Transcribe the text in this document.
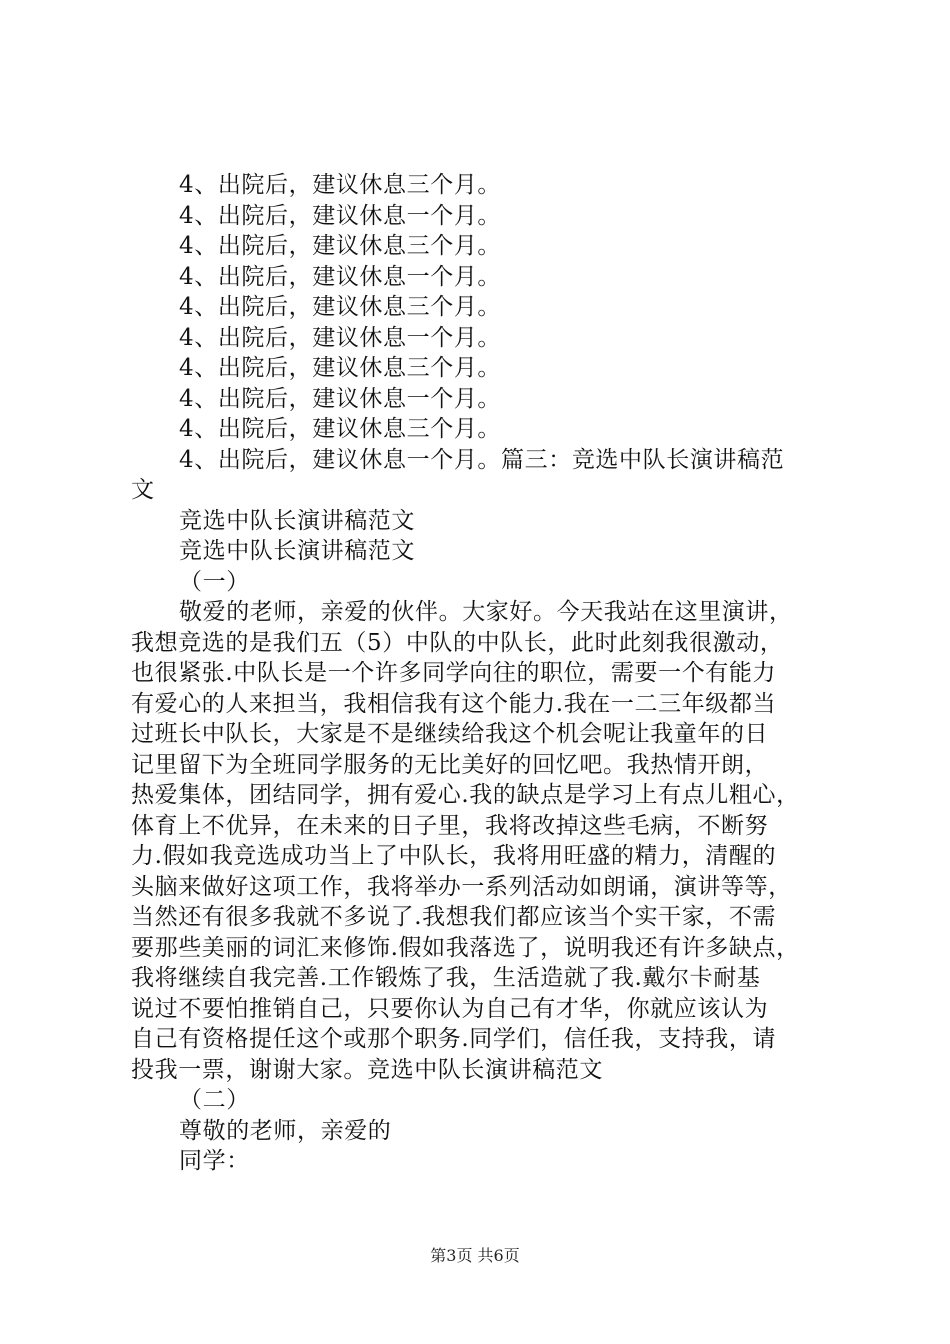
4、出院后，建议休息三个月。
4、出院后，建议休息一个月。
4、出院后，建议休息三个月。
4、出院后，建议休息一个月。
4、出院后，建议休息三个月。
4、出院后，建议休息一个月。
4、出院后，建议休息三个月。
4、出院后，建议休息一个月。
4、出院后，建议休息三个月。
4、出院后，建议休息一个月。篇三：竞选中队长演讲稿范
文
竞选中队长演讲稿范文
竞选中队长演讲稿范文
（一）
敬爱的老师，亲爱的伙伴。大家好。今天我站在这里演讲，
我想竞选的是我们五（5）中队的中队长，此时此刻我很激动，
也很紧张.中队长是一个许多同学向往的职位，需要一个有能力
有爱心的人来担当，我相信我有这个能力.我在一二三年级都当
过班长中队长，大家是不是继续给我这个机会呢让我童年的日
记里留下为全班同学服务的无比美好的回忆吧。我热情开朗，
热爱集体，团结同学，拥有爱心.我的缺点是学习上有点儿粗心，
体育上不优异，在未来的日子里，我将改掉这些毛病，不断努
力.假如我竞选成功当上了中队长，我将用旺盛的精力，清醒的
头脑来做好这项工作，我将举办一系列活动如朗诵，演讲等等，
当然还有很多我就不多说了.我想我们都应该当个实干家，不需
要那些美丽的词汇来修饰.假如我落选了，说明我还有许多缺点，
我将继续自我完善.工作锻炼了我，生活造就了我.戴尔卡耐基
说过不要怕推销自己，只要你认为自己有才华，你就应该认为
自己有资格提任这个或那个职务.同学们，信任我，支持我，请
投我一票，谢谢大家。竞选中队长演讲稿范文
（二）
尊敬的老师，亲爱的
同学：
第3页 共6页
